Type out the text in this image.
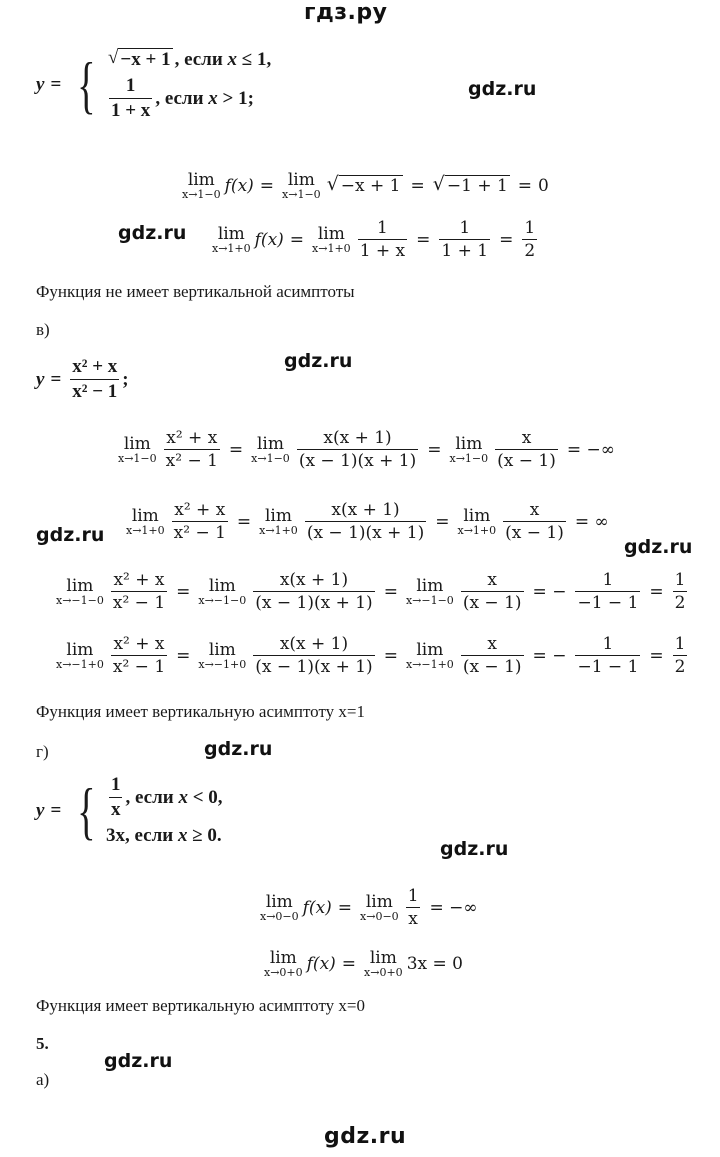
гдз.ру
y = { √ −x + 1 , если
x
≤ 1,
$\frac{1}{1 + x}$ , если
x
> 1;	gdz.ru
lim
x→1−0 f(x) = lim
x→1−0 √ −x + 1 = √ −1 + 1 = 0
gdz.ru lim
x→1+0 f(x) = lim
$x\to 1+0 \frac{1}{1 + x} = \frac{1}{1 + 1} = \frac{1}{2}$
Функция не имеет вертикальной асимптоты
в)
$y = \frac{\text{x² + x}}{\text{x² − 1}}$ ;
gdz.ru
lim
$x\to 1-0 \frac{\text{x² + x}}{\text{x² − 1}} = \lim$
$x\to 1-0 \frac{x(x + 1)}{(x - 1)(x + 1)} = \lim$
$x\to 1-0 \frac{x}{(x - 1)}$ = −∞
gdz.ru
lim
$x\to 1+0 \frac{\text{x² + x}}{\text{x² − 1}} = \lim$
$x\to 1+0 \frac{x(x + 1)}{(x - 1)(x + 1)} = \lim$
$x\to 1+0 \frac{x}{(x - 1)}$ = ∞
gdz.ru
lim
$x\to-1-0 \frac{\text{x² + x}}{\text{x² − 1}} = \lim$
$x\to-1-0 \frac{x(x + 1)}{(x - 1)(x + 1)} = \lim$
$x\to-1-0 \frac{x}{(x - 1)}$ = − $\frac{1}{-1 - 1} = \frac{1}{2}$
lim
$x\to-1+0 \frac{\text{x² + x}}{\text{x² − 1}} = \lim$
$x\to-1+0 \frac{x(x + 1)}{(x - 1)(x + 1)} = \lim$
$x\to-1+0 \frac{x}{(x - 1)}$ = − $\frac{1}{-1 - 1} = \frac{1}{2}$
Функция имеет вертикальную асимптоту x=1
г)	gdz.ru
y = { $\frac{1}{x}$ , если
x
< 0,
3x, если
x
≥ 0.
gdz.ru
lim
x→0−0 f(x) = lim
$x\to 0-0 \frac{1}{x}$ = −∞
lim
x→0+0 f(x) = lim
x→0+0 3x = 0
Функция имеет вертикальную асимптоту x=0
5.
gdz.ru
а)
gdz.ru
